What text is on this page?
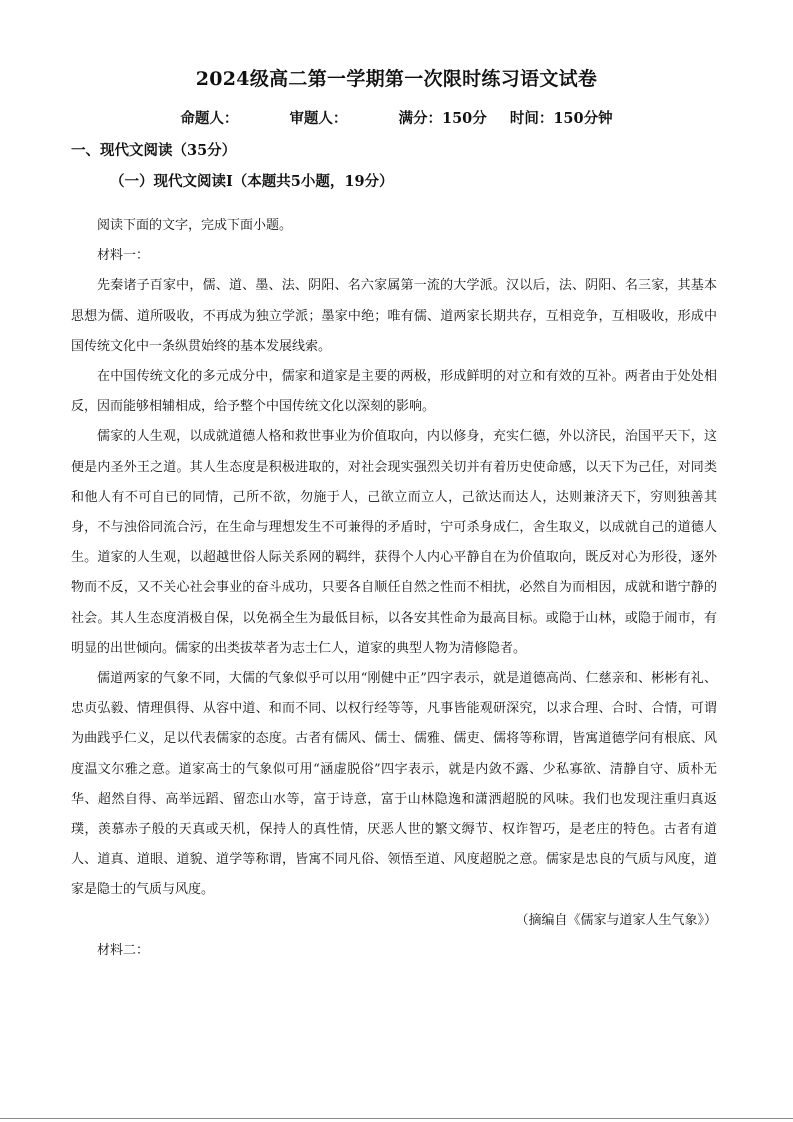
2024级高二第一学期第一次限时练习语文试卷
命题人：	审题人：	满分：150分 时间：150分钟
一、现代文阅读（35分）
（一）现代文阅读Ⅰ（本题共5小题，19分）

阅读下面的文字，完成下面小题。

材料一：

先秦诸子百家中，儒、道、墨、法、阴阳、名六家属第一流的大学派。汉以后，法、阴阳、名三家，其基本思想为儒、道所吸收，不再成为独立学派；墨家中绝；唯有儒、道两家长期共存，互相竞争，互相吸收，形成中国传统文化中一条纵贯始终的基本发展线索。

在中国传统文化的多元成分中，儒家和道家是主要的两极，形成鲜明的对立和有效的互补。两者由于处处相反，因而能够相辅相成，给予整个中国传统文化以深刻的影响。

儒家的人生观，以成就道德人格和救世事业为价值取向，内以修身，充实仁德，外以济民，治国平天下，这便是内圣外王之道。其人生态度是积极进取的，对社会现实强烈关切并有着历史使命感，以天下为己任，对同类和他人有不可自已的同情，己所不欲，勿施于人，己欲立而立人，己欲达而达人，达则兼济天下，穷则独善其身，不与浊俗同流合污，在生命与理想发生不可兼得的矛盾时，宁可杀身成仁，舍生取义，以成就自己的道德人生。道家的人生观，以超越世俗人际关系网的羁绊，获得个人内心平静自在为价值取向，既反对心为形役，逐外物而不反，又不关心社会事业的奋斗成功，只要各自顺任自然之性而不相扰，必然自为而相因，成就和谐宁静的社会。其人生态度消极自保，以免祸全生为最低目标，以各安其性命为最高目标。或隐于山林，或隐于闹市，有明显的出世倾向。儒家的出类拔萃者为志士仁人，道家的典型人物为清修隐者。

儒道两家的气象不同，大儒的气象似乎可以用“刚健中正”四字表示，就是道德高尚、仁慈亲和、彬彬有礼、忠贞弘毅、情理俱得、从容中道、和而不同、以权行经等等，凡事皆能观研深究，以求合理、合时、合情，可谓为曲践乎仁义，足以代表儒家的态度。古者有儒风、儒士、儒雅、儒吏、儒将等称谓，皆寓道德学问有根底、风度温文尔雅之意。道家高士的气象似可用“涵虚脱俗”四字表示，就是内敛不露、少私寡欲、清静自守、质朴无华、超然自得、高举远蹈、留恋山水等，富于诗意，富于山林隐逸和潇洒超脱的风味。我们也发现注重归真返璞，羡慕赤子般的天真或天机，保持人的真性情，厌恶人世的繁文缛节、权诈智巧，是老庄的特色。古者有道人、道真、道眼、道貌、道学等称谓，皆寓不同凡俗、领悟至道、风度超脱之意。儒家是忠良的气质与风度，道家是隐士的气质与风度。

（摘编自《儒家与道家人生气象》）

材料二：
